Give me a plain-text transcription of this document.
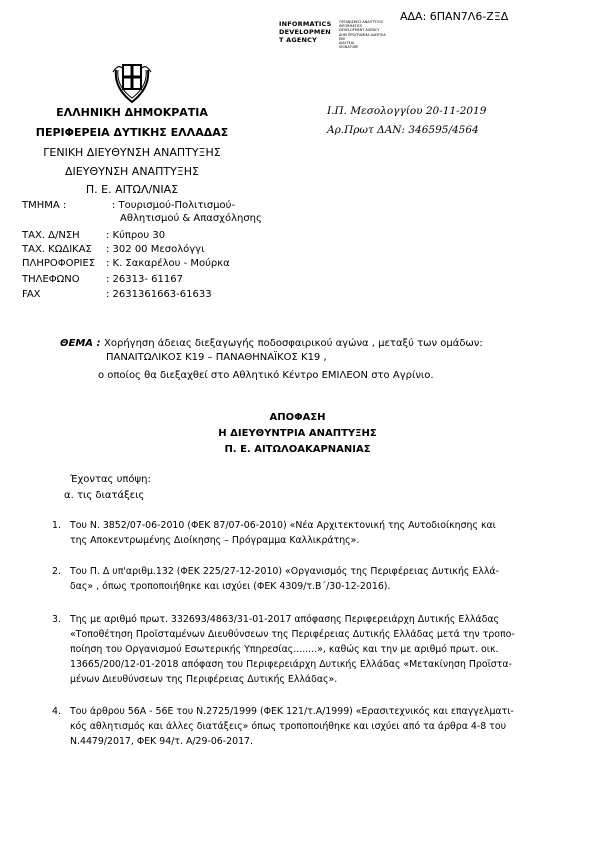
ΑΔΑ: 6ΠΑΝ7Λ6-ΖΞΔ
INFORMATICS
DEVELOPMEN
T AGENCY
ΟΡΓΑΝΙΣΜΟΣ ΑΝΑΠΤΥΞΗΣ
INFORMATICS
DEVELOPMENT AGENCY
ΔΗΜ ΠΡΟΓΡΑΜΜΑ ΔΙΑΥΓΕΙΑ
ΕΕΕ
ΔΙΑΥΓΕΙΑ
SIGNATURE
ΕΛΛΗΝΙΚΗ ΔΗΜΟΚΡΑΤΙΑ
ΠΕΡΙΦΕΡΕΙΑ ΔΥΤΙΚΗΣ ΕΛΛΑΔΑΣ
ΓΕΝΙΚΗ ΔΙΕΥΘΥΝΣΗ ΑΝΑΠΤΥΞΗΣ
ΔΙΕΥΘΥΝΣΗ ΑΝΑΠΤΥΞΗΣ
Π. Ε. ΑΙΤΩΛ/ΝΙΑΣ
Ι.Π. Μεσολογγίου 20-11-2019
Αρ.Πρωτ ΔΑΝ: 346595/4564
ΤΜΗΜΑ :	: Τουρισμού-Πολιτισμού-
Αθλητισμού & Απασχόλησης
ΤΑΧ. Δ/ΝΣΗ	: Κύπρου 30
ΤΑΧ. ΚΩΔΙΚΑΣ : 302 00 Μεσολόγγι
ΠΛΗΡΟΦΟΡΙΕΣ : Κ. Σακαρέλου - Μούρκα
ΤΗΛΕΦΩΝΟ	: 26313- 61167
FAX	: 2631361663-61633
ΘΕΜΑ : Χορήγηση άδειας διεξαγωγής ποδοσφαιρικού αγώνα , μεταξύ των ομάδων:
ΠΑΝΑΙΤΩΛΙΚΟΣ Κ19 – ΠΑΝΑΘΗΝΑΪΚΟΣ Κ19 ,
ο οποίος θα διεξαχθεί στο Αθλητικό Κέντρο ΕΜΙΛΕΟΝ στο Αγρίνιο.
ΑΠΟΦΑΣΗ
Η ΔΙΕΥΘΥΝΤΡΙΑ ΑΝΑΠΤΥΞΗΣ
Π. Ε. ΑΙΤΩΛΟΑΚΑΡΝΑΝΙΑΣ
Έχοντας υπόψη:
α. τις διατάξεις
1. Του Ν. 3852/07-06-2010 (ΦΕΚ 87/07-06-2010) «Νέα Αρχιτεκτονική της Αυτοδιοίκησης και
της Αποκεντρωμένης Διοίκησης – Πρόγραμμα Καλλικράτης».
2. Του Π. Δ υπ'αριθμ.132 (ΦΕΚ 225/27-12-2010) «Οργανισμός της Περιφέρειας Δυτικής Ελλά-
δας» , όπως τροποποιήθηκε και ισχύει (ΦΕΚ 4309/τ.Β΄/30-12-2016).
3. Της με αριθμό πρωτ. 332693/4863/31-01-2017 απόφασης Περιφερειάρχη Δυτικής Ελλάδας
«Τοποθέτηση Προϊσταμένων Διευθύνσεων της Περιφέρειας Δυτικής Ελλάδας μετά την τροπο-
ποίηση του Οργανισμού Εσωτερικής Υπηρεσίας........», καθώς και την με αριθμό πρωτ. οικ.
13665/200/12-01-2018 απόφαση του Περιφερειάρχη Δυτικής Ελλάδας «Μετακίνηση Προϊστα-
μένων Διευθύνσεων της Περιφέρειας Δυτικής Ελλάδας».
4. Του άρθρου 56Α - 56Ε του Ν.2725/1999 (ΦΕΚ 121/τ.Α/1999) «Ερασιτεχνικός και επαγγελματι-
κός αθλητισμός και άλλες διατάξεις» όπως τροποποιήθηκε και ισχύει από τα άρθρα 4-8 του
Ν.4479/2017, ΦΕΚ 94/τ. Α/29-06-2017.
